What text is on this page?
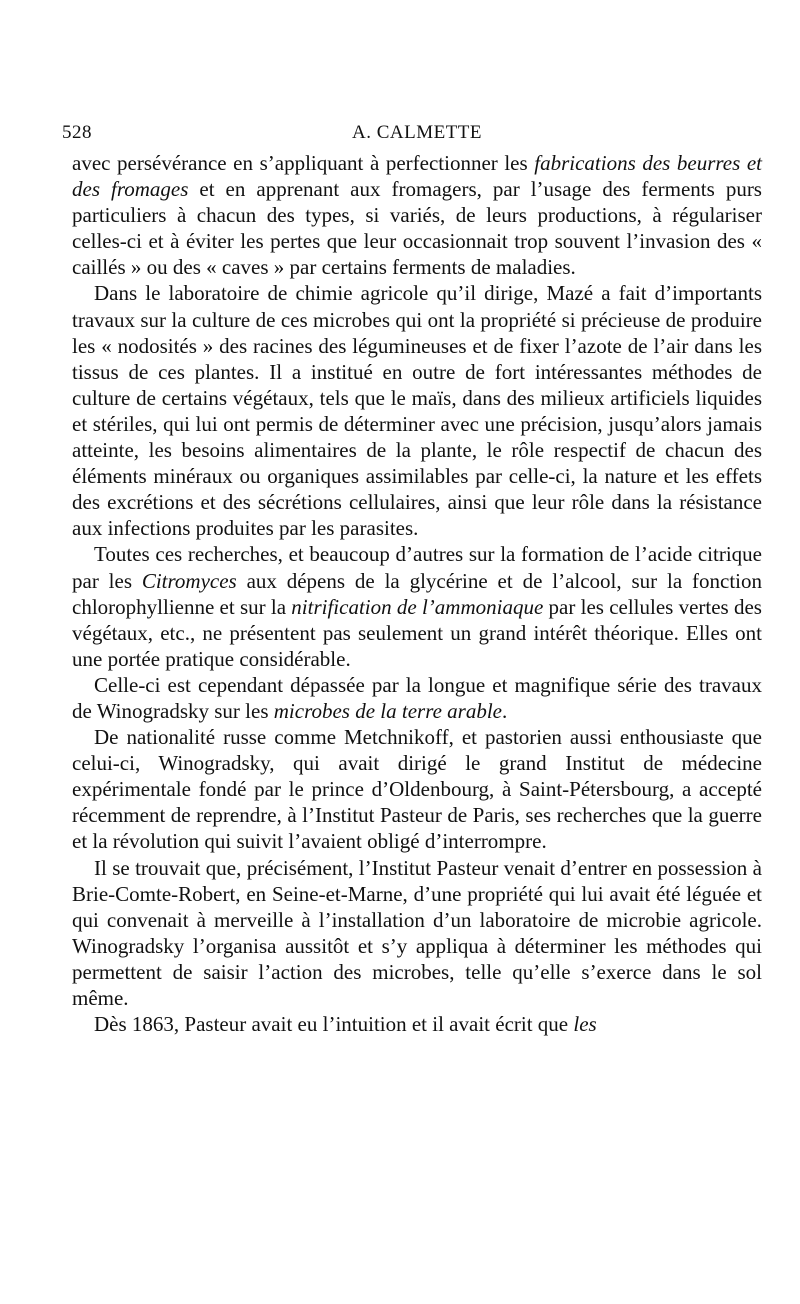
528	A. CALMETTE

avec persévérance en s’appliquant à perfectionner les fabrications des beurres et des fromages et en apprenant aux fromagers, par l’usage des ferments purs particuliers à chacun des types, si variés, de leurs productions, à régulariser celles-ci et à éviter les pertes que leur occasionnait trop souvent l’invasion des « caillés » ou des « caves » par certains ferments de maladies.

Dans le laboratoire de chimie agricole qu’il dirige, Mazé a fait d’importants travaux sur la culture de ces microbes qui ont la propriété si précieuse de produire les « nodosités » des racines des légumineuses et de fixer l’azote de l’air dans les tissus de ces plantes. Il a institué en outre de fort intéressantes méthodes de culture de certains végétaux, tels que le maïs, dans des milieux artificiels liquides et stériles, qui lui ont permis de déterminer avec une précision, jusqu’alors jamais atteinte, les besoins alimentaires de la plante, le rôle respectif de chacun des éléments minéraux ou organiques assimilables par celle-ci, la nature et les effets des excrétions et des sécrétions cellulaires, ainsi que leur rôle dans la résistance aux infections produites par les parasites.

Toutes ces recherches, et beaucoup d’autres sur la formation de l’acide citrique par les Citromyces aux dépens de la glycérine et de l’alcool, sur la fonction chlorophyllienne et sur la nitrification de l’ammoniaque par les cellules vertes des végétaux, etc., ne présentent pas seulement un grand intérêt théorique. Elles ont une portée pratique considérable.

Celle-ci est cependant dépassée par la longue et magnifique série des travaux de Winogradsky sur les microbes de la terre arable.

De nationalité russe comme Metchnikoff, et pastorien aussi enthousiaste que celui-ci, Winogradsky, qui avait dirigé le grand Institut de médecine expérimentale fondé par le prince d’Oldenbourg, à Saint-Pétersbourg, a accepté récemment de reprendre, à l’Institut Pasteur de Paris, ses recherches que la guerre et la révolution qui suivit l’avaient obligé d’interrompre.

Il se trouvait que, précisément, l’Institut Pasteur venait d’entrer en possession à Brie-Comte-Robert, en Seine-et-Marne, d’une propriété qui lui avait été léguée et qui convenait à merveille à l’installation d’un laboratoire de microbie agricole. Winogradsky l’organisa aussitôt et s’y appliqua à déterminer les méthodes qui permettent de saisir l’action des microbes, telle qu’elle s’exerce dans le sol même.

Dès 1863, Pasteur avait eu l’intuition et il avait écrit que les
